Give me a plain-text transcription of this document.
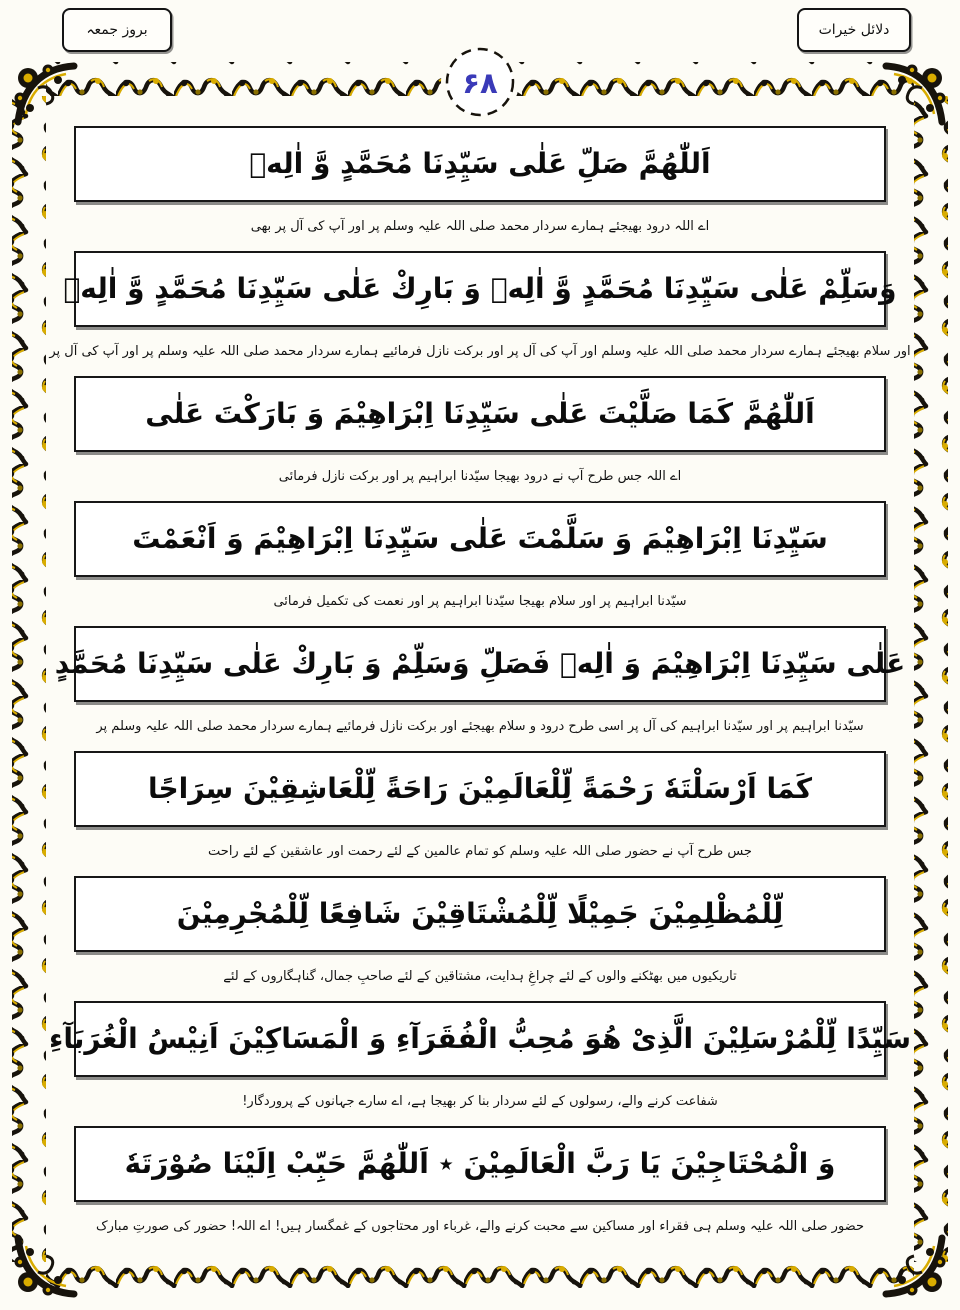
۶۸
بروز جمعہ	دلائل خیرات
اَللّٰهُمَّ صَلِّ عَلٰى سَيِّدِنَا مُحَمَّدٍ وَّ اٰلِهٖ
اے اللہ درود بھیجئے ہمارے سردار محمد صلی اللہ علیہ وسلم پر اور آپ کی آل پر بھی
وَسَلِّمْ عَلٰى سَيِّدِنَا مُحَمَّدٍ وَّ اٰلِهٖ وَ بَارِكْ عَلٰى سَيِّدِنَا مُحَمَّدٍ وَّ اٰلِهٖ
اور سلام بھیجئے ہمارے سردار محمد صلی اللہ علیہ وسلم اور آپ کی آل پر اور برکت نازل فرمائیے ہمارے سردار محمد صلی اللہ علیہ وسلم پر اور آپ کی آل پر
اَللّٰهُمَّ كَمَا صَلَّيْتَ عَلٰى سَيِّدِنَا اِبْرَاهِيْمَ وَ بَارَكْتَ عَلٰى
اے اللہ جس طرح آپ نے درود بھیجا سیّدنا ابراہیم پر اور برکت نازل فرمائی
سَيِّدِنَا اِبْرَاهِيْمَ وَ سَلَّمْتَ عَلٰى سَيِّدِنَا اِبْرَاهِيْمَ وَ اَنْعَمْتَ
سیّدنا ابراہیم پر اور سلام بھیجا سیّدنا ابراہیم پر اور نعمت کی تکمیل فرمائی
عَلٰى سَيِّدِنَا اِبْرَاهِيْمَ وَ اٰلِهٖ فَصَلِّ وَسَلِّمْ وَ بَارِكْ عَلٰى سَيِّدِنَا مُحَمَّدٍ
سیّدنا ابراہیم پر اور سیّدنا ابراہیم کی آل پر اسی طرح درود و سلام بھیجئے اور برکت نازل فرمائیے ہمارے سردار محمد صلی اللہ علیہ وسلم پر
كَمَا اَرْسَلْتَهٗ رَحْمَةً لِّلْعَالَمِيْنَ رَاحَةً لِّلْعَاشِقِيْنَ سِرَاجًا
جس طرح آپ نے حضور صلی اللہ علیہ وسلم کو تمام عالمین کے لئے رحمت اور عاشقین کے لئے راحت
لِّلْمُظْلِمِيْنَ جَمِيْلًا لِّلْمُشْتَاقِيْنَ شَافِعًا لِّلْمُجْرِمِيْنَ
تاریکیوں میں بھٹکنے والوں کے لئے چراغِ ہدایت، مشتاقین کے لئے صاحبِ جمال، گناہگاروں کے لئے
سَيِّدًا لِّلْمُرْسَلِيْنَ الَّذِىْ هُوَ مُحِبُّ الْفُقَرَآءِ وَ الْمَسَاكِيْنَ اَنِيْسُ الْغُرَبَآءِ
شفاعت کرنے والے، رسولوں کے لئے سردار بنا کر بھیجا ہے، اے سارے جہانوں کے پروردگار!
وَ الْمُحْتَاجِيْنَ يَا رَبَّ الْعَالَمِيْنَ ٭ اَللّٰهُمَّ حَبِّبْ اِلَيْنَا صُوْرَتَهٗ
حضور صلی اللہ علیہ وسلم ہی فقراء اور مساکین سے محبت کرنے والے، غرباء اور محتاجوں کے غمگسار ہیں! اے اللہ! حضور کی صورتِ مبارک
